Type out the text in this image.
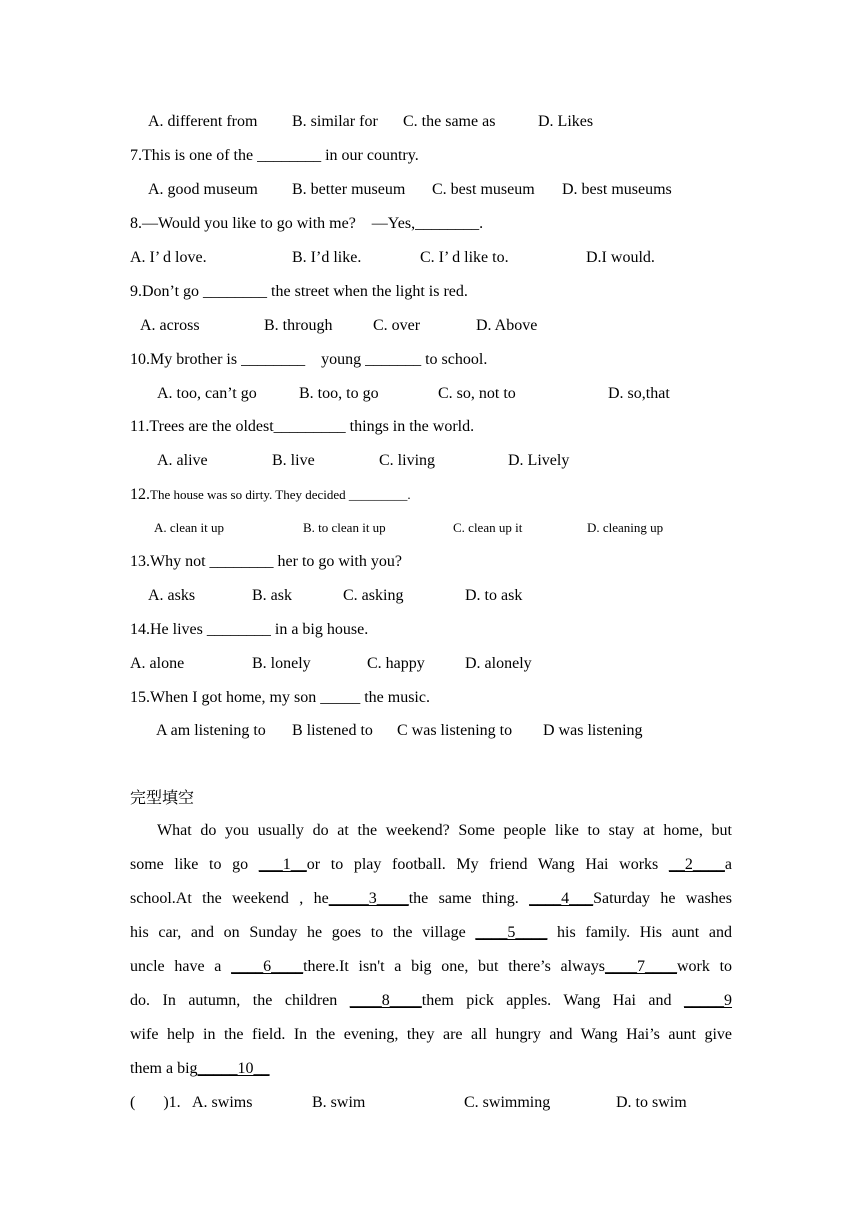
A. different from B. similar for C. the same as	D. Likes
7.This is one of the ________ in our country.
A. good museum B. better museum C. best museum D. best museums
8.—Would you like to go with me?    —Yes,________.
A. I’ d love.	B. I’d like.	C. I’ d like to.	D.I would.
9.Don’t go ________ the street when the light is red.
A. across	B. through	C. over	D. Above
10.My brother is ________    young _______ to school.
A. too, can’t go	B. too, to go	C. so, not to	D. so,that
11.Trees are the oldest_________ things in the world.
A. alive	B. live	C. living	D. Lively
12.The house was so dirty. They decided _________.
A. clean it up	B. to clean it up	C. clean up it	D. cleaning up
13.Why not ________ her to go with you?
A. asks	B. ask	C. asking	D. to ask
14.He lives ________ in a big house.
A. alone	B. lonely	C. happy	D. alonely
15.When I got home, my son _____ the music.
A am listening to B listened to C was listening to D was listening
完型填空
What do you usually do at the weekend? Some people like to stay at home, but
some like to go ___1__or to play football. My friend Wang Hai works __2____a
school.At the weekend , he_____3____the same thing. ____4___Saturday he washes
his car, and on Sunday he goes to the village ____5____ his family. His aunt and
uncle have a ____6____there.It isn't a big one, but there’s always____7____work to
do. In autumn, the children ____8____them pick apples. Wang Hai and _____9
wife help in the field. In the evening, they are all hungry and Wang Hai’s aunt give
them a big_____10__
(       )1. A. swims	B. swim	C. swimming	D. to swim
